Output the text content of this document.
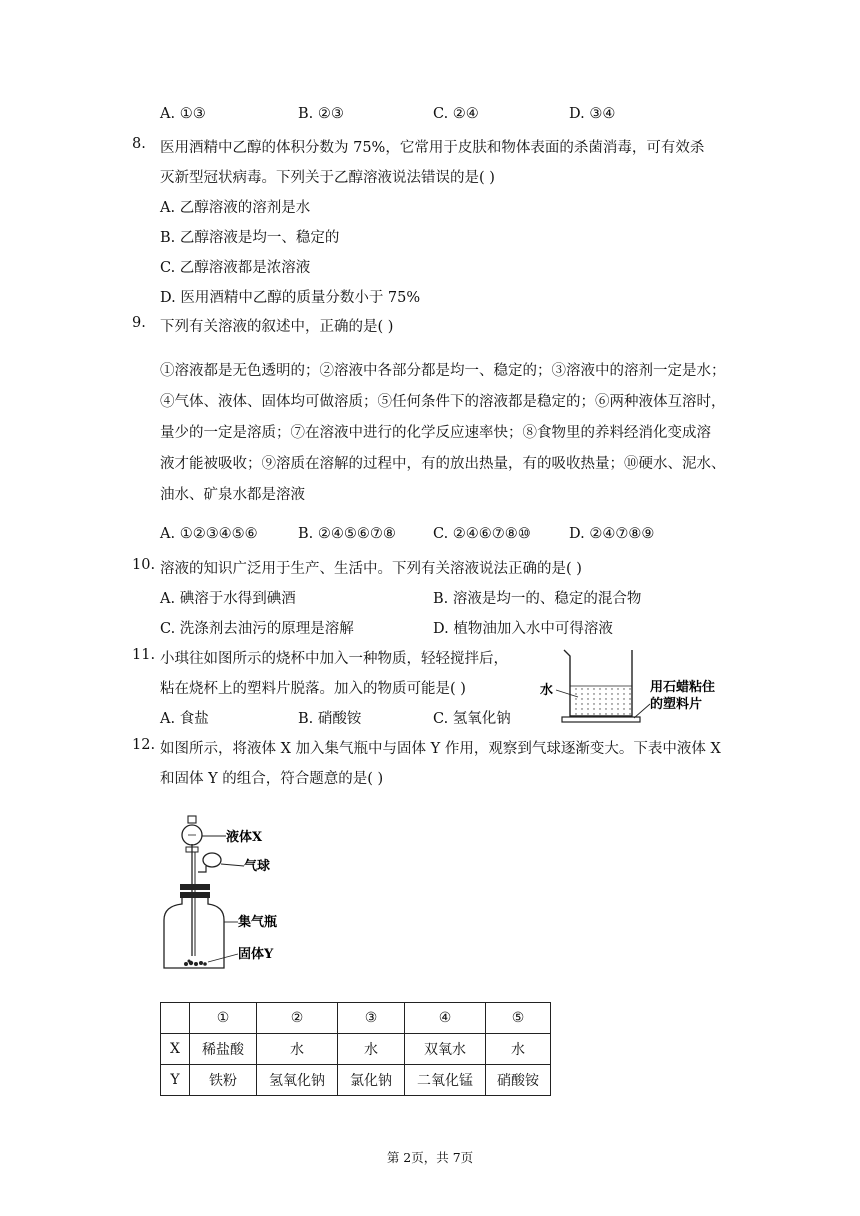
A. ①③	B. ②③	C. ②④	D. ③④
8. 医用酒精中乙醇的体积分数为 75%，它常用于皮肤和物体表面的杀菌消毒，可有效杀
灭新型冠状病毒。下列关于乙醇溶液说法错误的是( )
A. 乙醇溶液的溶剂是水
B. 乙醇溶液是均一、稳定的
C. 乙醇溶液都是浓溶液
D. 医用酒精中乙醇的质量分数小于 75%
9. 下列有关溶液的叙述中，正确的是( )
①溶液都是无色透明的；②溶液中各部分都是均一、稳定的；③溶液中的溶剂一定是水；
④气体、液体、固体均可做溶质；⑤任何条件下的溶液都是稳定的；⑥两种液体互溶时，
量少的一定是溶质；⑦在溶液中进行的化学反应速率快；⑧食物里的养料经消化变成溶
液才能被吸收；⑨溶质在溶解的过程中，有的放出热量，有的吸收热量；⑩硬水、泥水、
油水、矿泉水都是溶液
A. ①②③④⑤⑥	B. ②④⑤⑥⑦⑧	C. ②④⑥⑦⑧⑩	D. ②④⑦⑧⑨
10. 溶液的知识广泛用于生产、生活中。下列有关溶液说法正确的是( )
A. 碘溶于水得到碘酒	B. 溶液是均一的、稳定的混合物
C. 洗涤剂去油污的原理是溶解	D. 植物油加入水中可得溶液
11. 小琪往如图所示的烧杯中加入一种物质，轻轻搅拌后，
粘在烧杯上的塑料片脱落。加入的物质可能是( )
A. 食盐	B. 硝酸铵	C. 氢氧化钠
水	用石蜡粘住
的塑料片
12. 如图所示，将液体 X 加入集气瓶中与固体 Y 作用，观察到气球逐渐变大。下表中液体 X
和固体 Y 的组合，符合题意的是( )
液体X
气球
集气瓶
固体Y
	①	②	③	④	⑤
X	稀盐酸	水	水	双氧水	水
Y	铁粉	氢氧化钠	氯化钠	二氧化锰	硝酸铵
第 2页，共 7页
